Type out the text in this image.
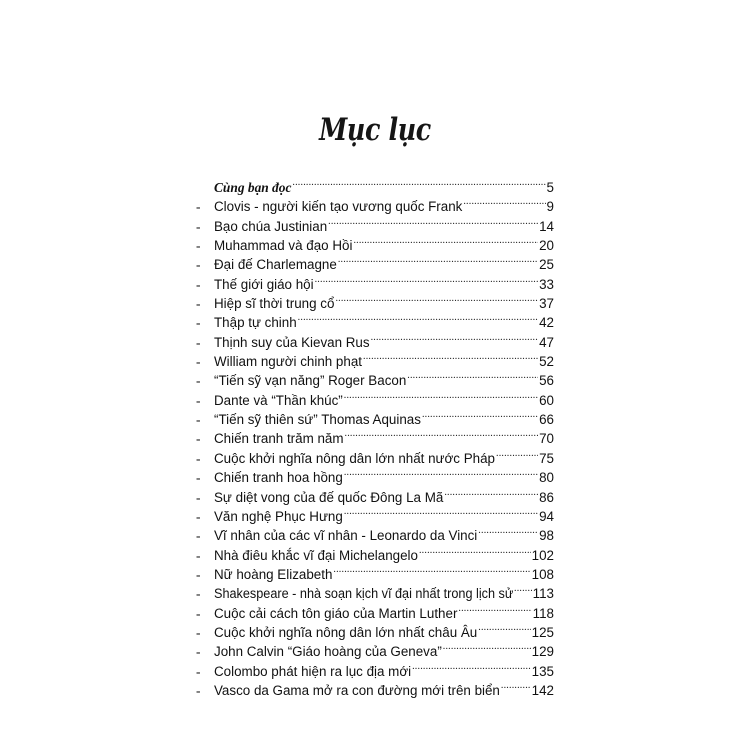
Mục lục
Cùng bạn đọc .....	5
-	Clovis - người kiến tạo vương quốc Frank .....	9
-	Bạo chúa Justinian .....	14
-	Muhammad và đạo Hồi .....	20
-	Đại đế Charlemagne .....	25
-	Thế giới giáo hội .....	33
-	Hiệp sĩ thời trung cổ .....	37
-	Thập tự chinh .....	42
-	Thịnh suy của Kievan Rus .....	47
-	William người chinh phạt .....	52
-	“Tiến sỹ vạn năng” Roger Bacon .....	56
-	Dante và “Thần khúc” .....	60
-	“Tiến sỹ thiên sứ” Thomas Aquinas .....	66
-	Chiến tranh trăm năm .....	70
-	Cuộc khởi nghĩa nông dân lớn nhất nước Pháp .....	75
-	Chiến tranh hoa hồng .....	80
-	Sự diệt vong của đế quốc Đông La Mã .....	86
-	Văn nghệ Phục Hưng .....	94
-	Vĩ nhân của các vĩ nhân - Leonardo da Vinci .....	98
-	Nhà điêu khắc vĩ đại Michelangelo .....	102
-	Nữ hoàng Elizabeth .....	108
-	Shakespeare - nhà soạn kịch vĩ đại nhất trong lịch sử ..... 113
-	Cuộc cải cách tôn giáo của Martin Luther .....	118
-	Cuộc khởi nghĩa nông dân lớn nhất châu Âu .....	125
-	John Calvin “Giáo hoàng của Geneva” .....	129
-	Colombo phát hiện ra lục địa mới .....	135
-	Vasco da Gama mở ra con đường mới trên biển ..... 142
